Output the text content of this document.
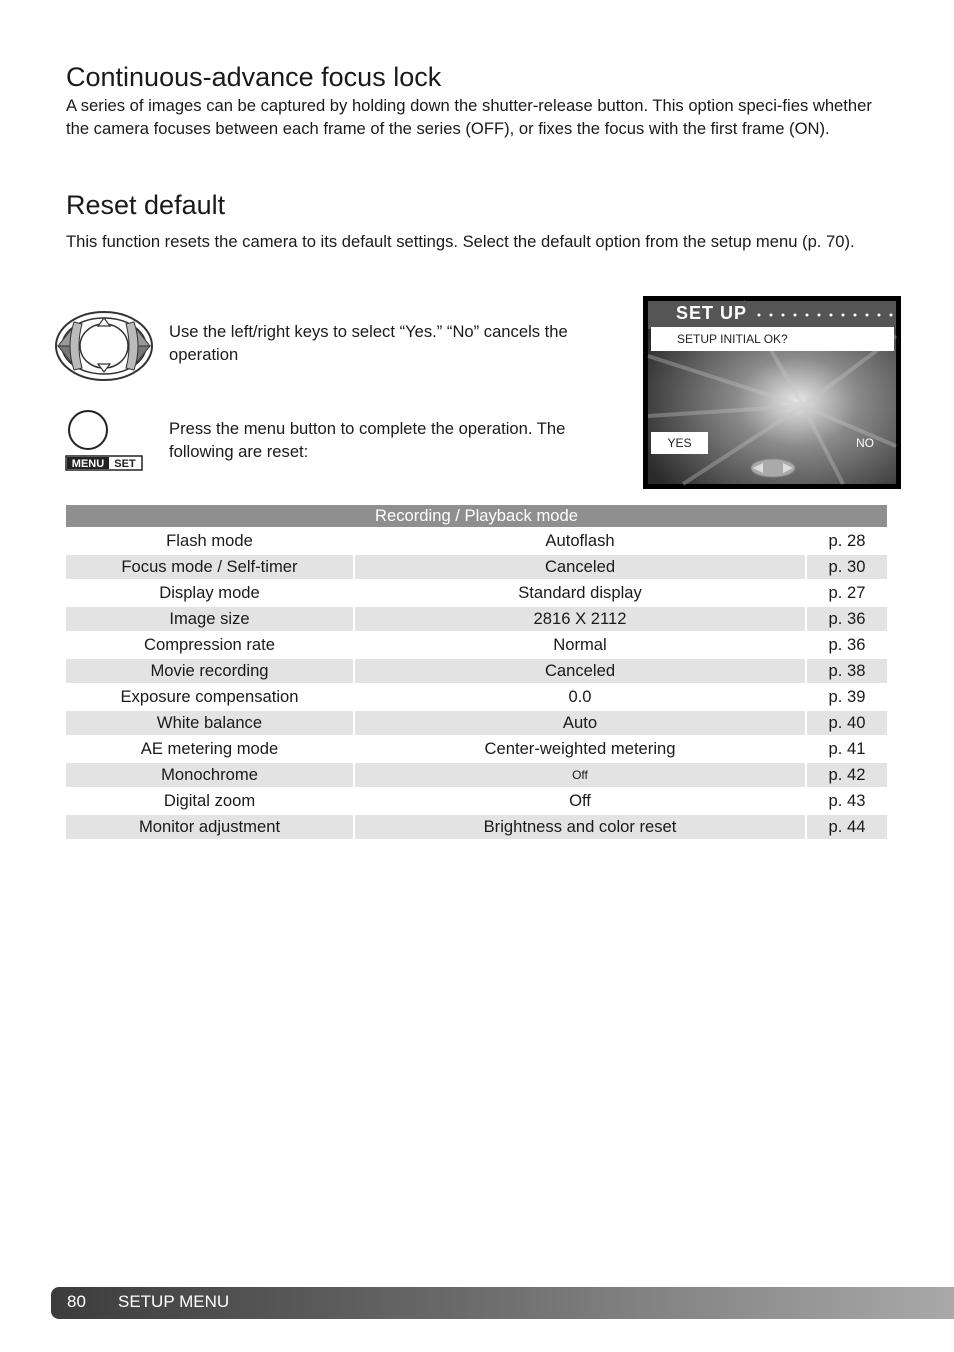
Continuous-advance focus lock

A series of images can be captured by holding down the shutter-release button. This option speci-fies whether the camera focuses between each frame of the series (OFF), or fixes the focus with the first frame (ON).

Reset default

This function resets the camera to its default settings. Select the default option from the setup menu (p. 70).

Use the left/right keys to select “Yes.” “No” cancels the operation

MENU SET

Press the menu button to complete the operation. The following are reset:

SET UP
SETUP INITIAL OK?
YES	NO
Recording / Playback mode		
Flash mode	Autoflash	p. 28
Focus mode / Self-timer	Canceled	p. 30
Display mode	Standard display	p. 27
Image size	2816 X 2112	p. 36
Compression rate	Normal	p. 36
Movie recording	Canceled	p. 38
Exposure compensation	0.0	p. 39
White balance	Auto	p. 40
AE metering mode	Center-weighted metering	p. 41
Monochrome	Off	p. 42
Digital zoom	Off	p. 43
Monitor adjustment	Brightness and color reset	p. 44
80 SETUP MENU
